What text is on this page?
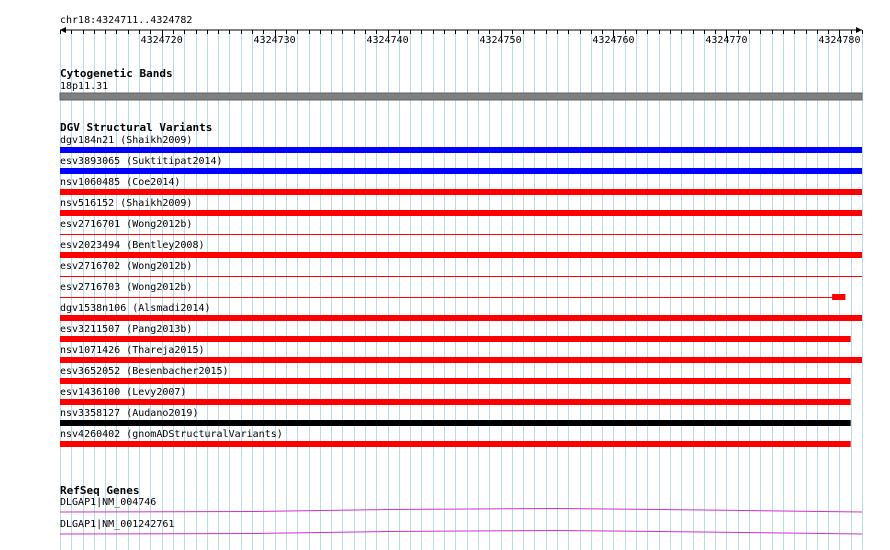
chr18:4324711..4324782
4324720	4324730	4324740	4324750	4324760	4324770	4324780
Cytogenetic Bands
18p11.31
DGV Structural Variants
dgv184n21 (Shaikh2009)
esv3893065 (Suktitipat2014)
nsv1060485 (Coe2014)
nsv516152 (Shaikh2009)
esv2716701 (Wong2012b)
esv2023494 (Bentley2008)
esv2716702 (Wong2012b)
esv2716703 (Wong2012b)
dgv1538n106 (Alsmadi2014)
esv3211507 (Pang2013b)
nsv1071426 (Thareja2015)
esv3652052 (Besenbacher2015)
esv1436100 (Levy2007)
nsv3358127 (Audano2019)
nsv4260402 (gnomADStructuralVariants)
RefSeq Genes
DLGAP1|NM_004746
DLGAP1|NM_001242761
